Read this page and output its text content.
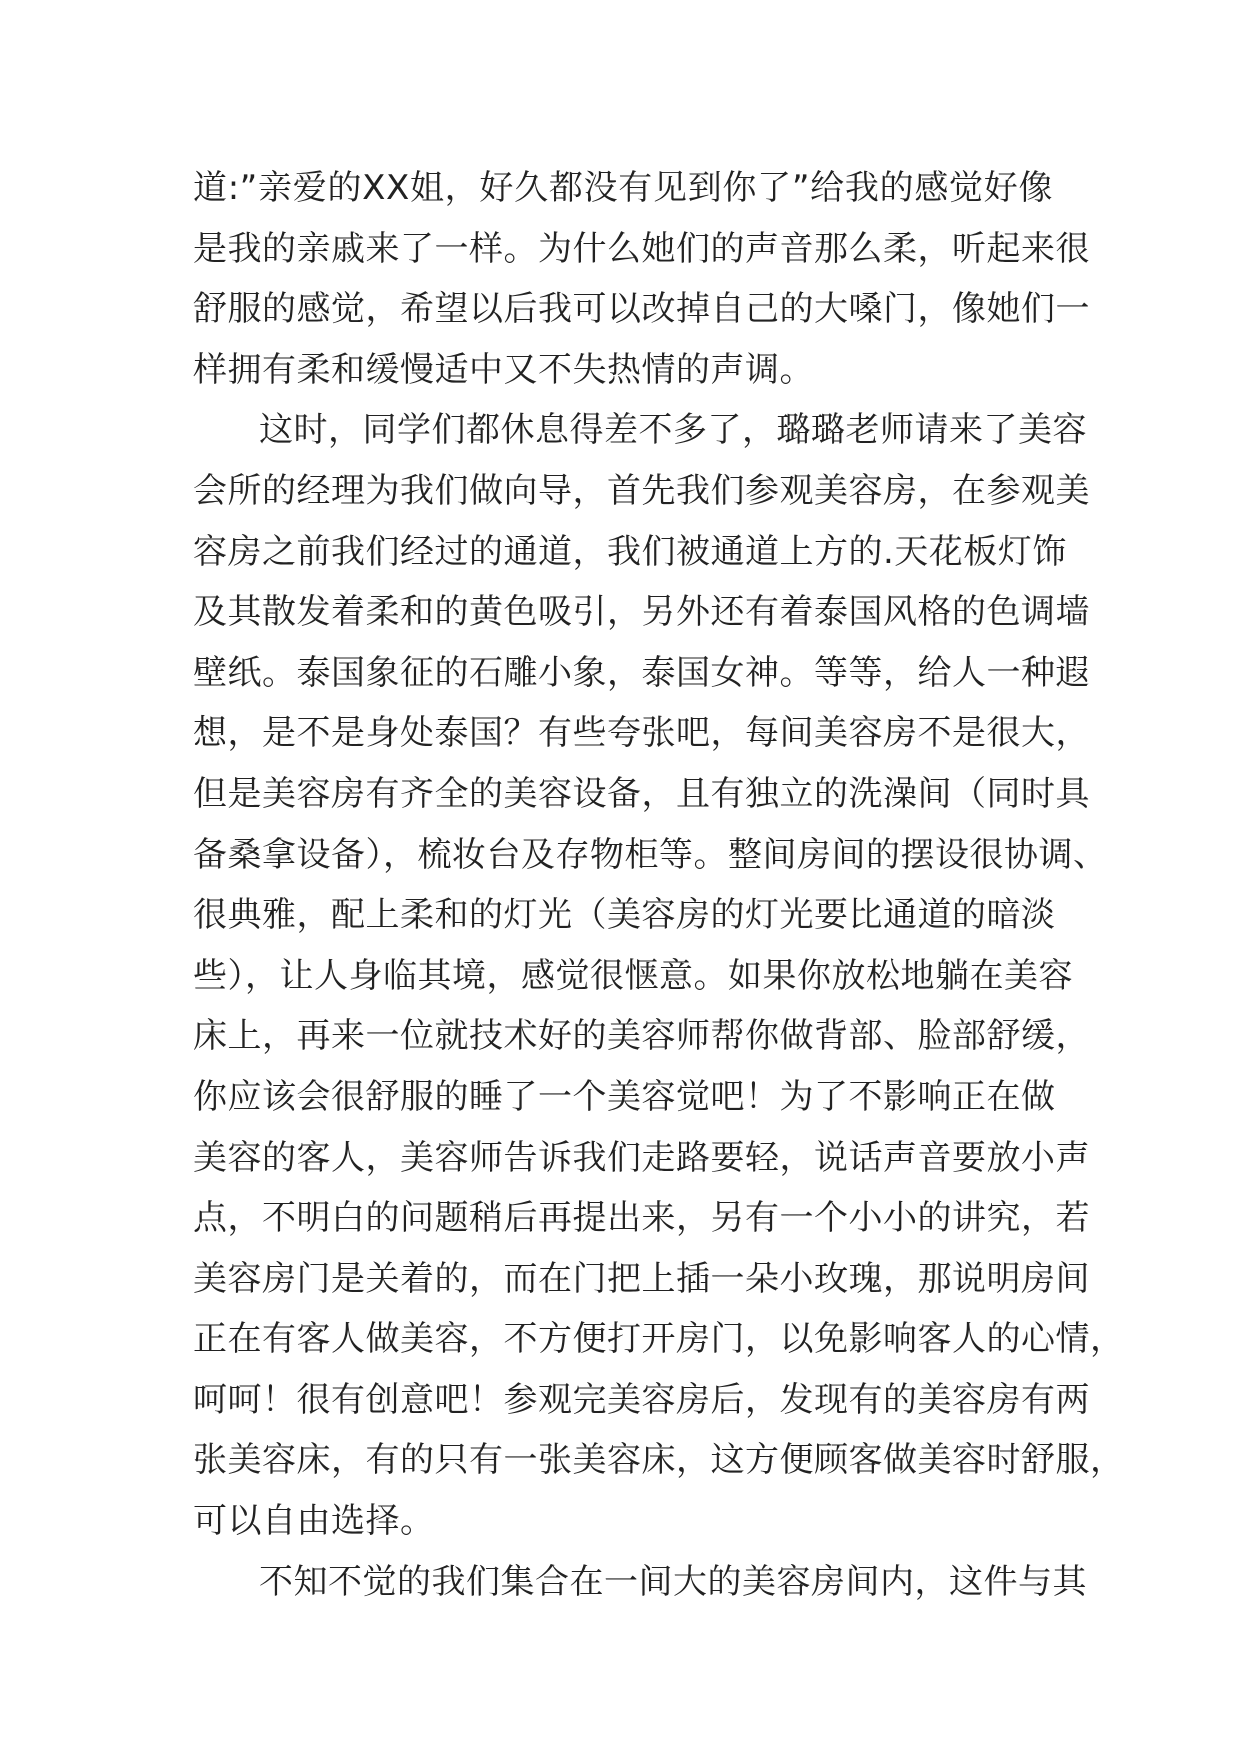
道:”亲爱的XX姐，好久都没有见到你了”给我的感觉好像
是我的亲戚来了一样。为什么她们的声音那么柔，听起来很
舒服的感觉，希望以后我可以改掉自己的大嗓门，像她们一
样拥有柔和缓慢适中又不失热情的声调。
这时，同学们都休息得差不多了，璐璐老师请来了美容
会所的经理为我们做向导，首先我们参观美容房，在参观美
容房之前我们经过的通道，我们被通道上方的.天花板灯饰
及其散发着柔和的黄色吸引，另外还有着泰国风格的色调墙
壁纸。泰国象征的石雕小象，泰国女神。等等，给人一种遐
想，是不是身处泰国？有些夸张吧，每间美容房不是很大，
但是美容房有齐全的美容设备，且有独立的洗澡间（同时具
备桑拿设备），梳妆台及存物柜等。整间房间的摆设很协调、
很典雅，配上柔和的灯光（美容房的灯光要比通道的暗淡
些），让人身临其境，感觉很惬意。如果你放松地躺在美容
床上，再来一位就技术好的美容师帮你做背部、脸部舒缓，
你应该会很舒服的睡了一个美容觉吧！为了不影响正在做
美容的客人，美容师告诉我们走路要轻，说话声音要放小声
点，不明白的问题稍后再提出来，另有一个小小的讲究，若
美容房门是关着的，而在门把上插一朵小玫瑰，那说明房间
正在有客人做美容，不方便打开房门，以免影响客人的心情，
呵呵！很有创意吧！参观完美容房后，发现有的美容房有两
张美容床，有的只有一张美容床，这方便顾客做美容时舒服，
可以自由选择。
不知不觉的我们集合在一间大的美容房间内，这件与其
